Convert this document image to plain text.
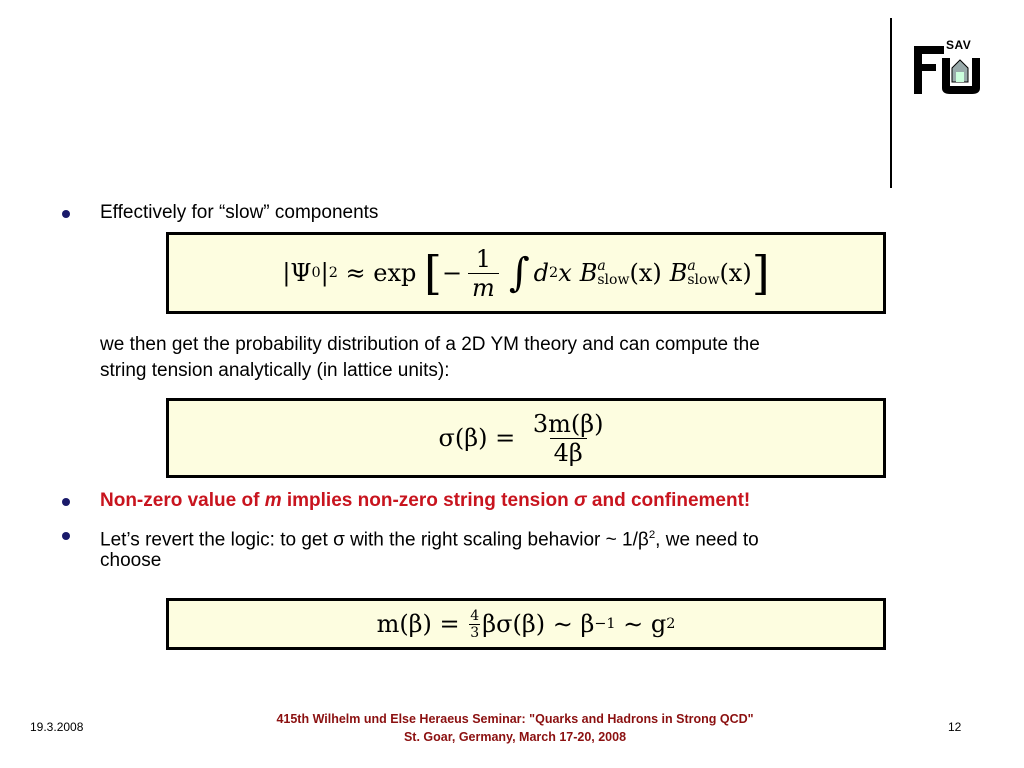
SAV
Effectively for “slow” components
|Ψ 0 | 2 ≈ exp [ − $\frac{1}{m}$ ∫ d 2 x B a
slow (x) B a
slow (x) ]
we then get the probability distribution of a 2D YM theory and can compute the
string tension analytically (in lattice units):
$\sigma(\beta) = \frac{3m(\beta)}{4\beta}$
Non-zero value of m implies non-zero string tension σ and confinement!
Let’s revert the logic: to get σ with the right scaling behavior ~ $1/\beta^2$, we need to
choose
$m(\beta) = \frac{4}{3} \beta\sigma(\beta)$ ∼ β −1 ∼ g 2
19.3.2008
415th Wilhelm und Else Heraeus Seminar: "Quarks and Hadrons in Strong QCD"
St. Goar, Germany, March 17-20, 2008
12
